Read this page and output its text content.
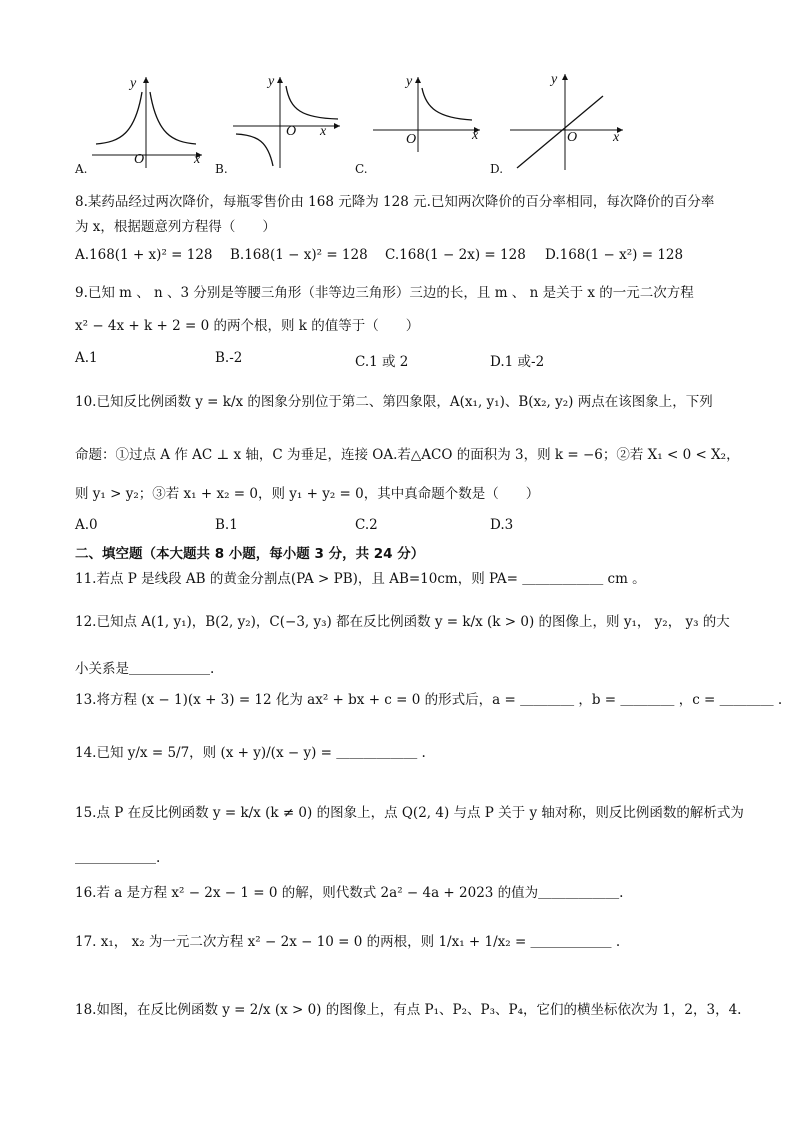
y
O	x
A.
y
O x
B.
y
O	x
C.
y
O	x
D.
8.某药品经过两次降价，每瓶零售价由 168 元降为 128 元.已知两次降价的百分率相同，每次降价的百分率
为 x，根据题意列方程得（　　）
A.168(1 + x)² = 128 B.168(1 − x)² = 128 C.168(1 − 2x) = 128 D.168(1 − x²) = 128
9.已知 m 、 n 、3 分别是等腰三角形（非等边三角形）三边的长，且 m 、 n 是关于 x 的一元二次方程
x² − 4x + k + 2 = 0 的两个根，则 k 的值等于（　　）
A.1	B.-2	C.1 或 2	D.1 或-2
10.已知反比例函数 y = k/x 的图象分别位于第二、第四象限，A(x₁, y₁)、B(x₂, y₂) 两点在该图象上，下列
命题：①过点 A 作 AC ⊥ x 轴，C 为垂足，连接 OA.若△ACO 的面积为 3，则 k = −6；②若 X₁ < 0 < X₂，
则 y₁ > y₂；③若 x₁ + x₂ = 0，则 y₁ + y₂ = 0，其中真命题个数是（　　）
A.0	B.1	C.2	D.3
二、填空题（本大题共 8 小题，每小题 3 分，共 24 分）
11.若点 P 是线段 AB 的黄金分割点(PA > PB)，且 AB=10cm，则 PA= ＿＿＿＿＿＿ cm 。
12.已知点 A(1, y₁)，B(2, y₂)，C(−3, y₃) 都在反比例函数 y = k/x (k > 0) 的图像上，则 y₁， y₂， y₃ 的大
小关系是＿＿＿＿＿＿.
13.将方程 (x − 1)(x + 3) = 12 化为 ax² + bx + c = 0 的形式后，a = ＿＿＿＿ ，b = ＿＿＿＿ ，c = ＿＿＿＿ .
14.已知 y/x = 5/7，则 (x + y)/(x − y) = ＿＿＿＿＿＿ .
15.点 P 在反比例函数 y = k/x (k ≠ 0) 的图象上，点 Q(2, 4) 与点 P 关于 y 轴对称，则反比例函数的解析式为
＿＿＿＿＿＿.
16.若 a 是方程 x² − 2x − 1 = 0 的解，则代数式 2a² − 4a + 2023 的值为＿＿＿＿＿＿.
17. x₁， x₂ 为一元二次方程 x² − 2x − 10 = 0 的两根，则 1/x₁ + 1/x₂ = ＿＿＿＿＿＿ .
18.如图，在反比例函数 y = 2/x (x > 0) 的图像上，有点 P₁、P₂、P₃、P₄，它们的横坐标依次为 1，2，3，4.
